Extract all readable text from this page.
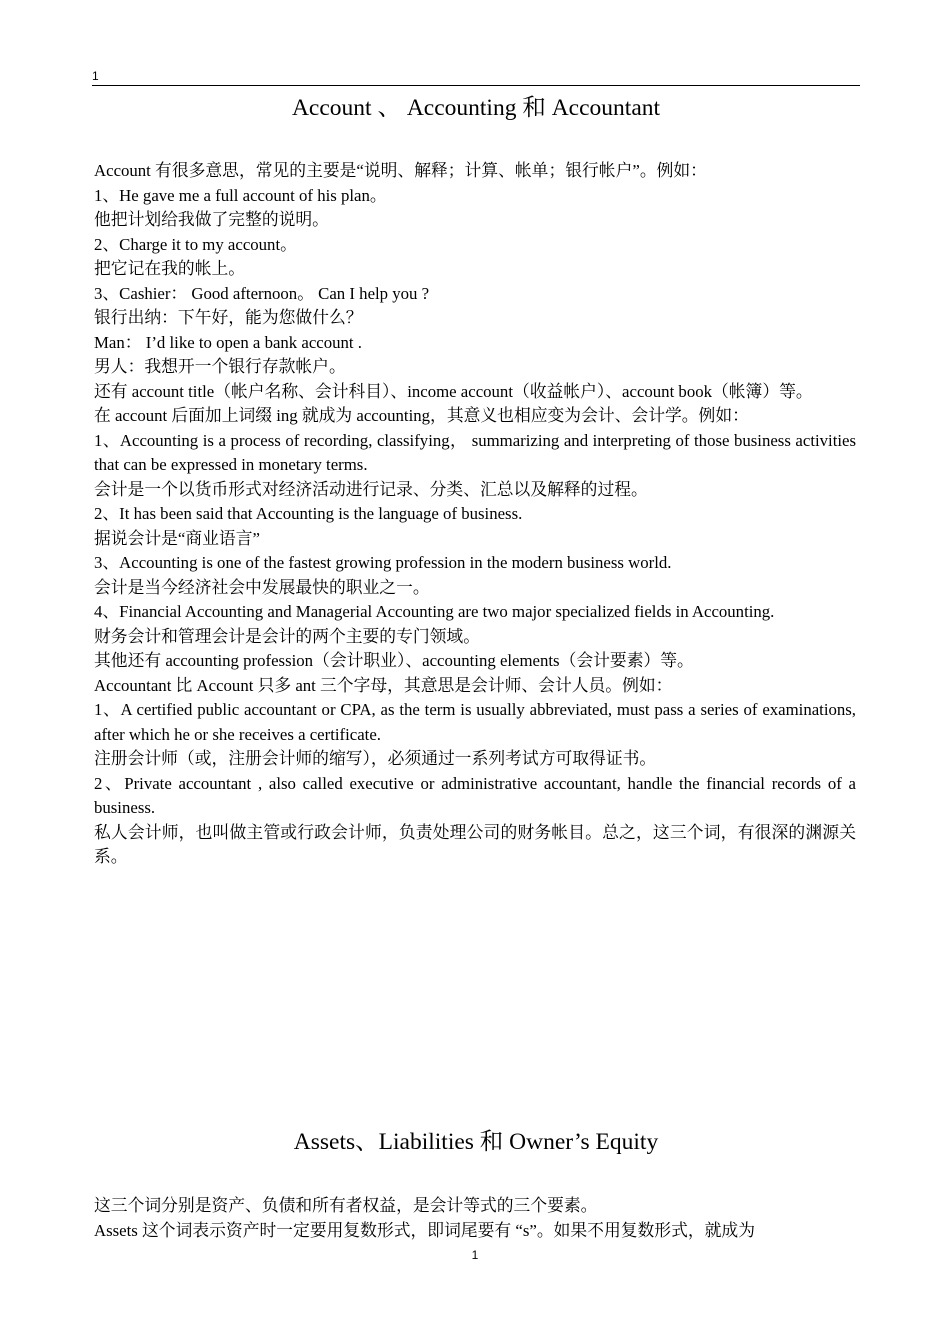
1
Account 、 Accounting 和 Accountant

Account 有很多意思，常见的主要是“说明、解释；计算、帐单；银行帐户”。例如：

1、He gave me a full account of his plan。

他把计划给我做了完整的说明。

2、Charge it to my account。

把它记在我的帐上。

3、Cashier： Good afternoon。 Can I help you ?

银行出纳：下午好，能为您做什么？

Man： I’d like to open a bank account .

男人：我想开一个银行存款帐户。

还有 account title（帐户名称、会计科目）、income account（收益帐户）、account book（帐簿）等。

在 account 后面加上词缀 ing 就成为 accounting，其意义也相应变为会计、会计学。例如：

1、Accounting is a process of recording, classifying， summarizing and interpreting of those business activities that can be expressed in monetary terms.

会计是一个以货币形式对经济活动进行记录、分类、汇总以及解释的过程。

2、It has been said that Accounting is the language of business.

据说会计是“商业语言”

3、Accounting is one of the fastest growing profession in the modern business world.

会计是当今经济社会中发展最快的职业之一。

4、Financial Accounting and Managerial Accounting are two major specialized fields in Accounting.

财务会计和管理会计是会计的两个主要的专门领域。

其他还有 accounting profession（会计职业）、accounting elements（会计要素）等。

Accountant 比 Account 只多 ant 三个字母，其意思是会计师、会计人员。例如：

1、A certified public accountant or CPA, as the term is usually abbreviated, must pass a series of examinations, after which he or she receives a certificate.

注册会计师（或，注册会计师的缩写），必须通过一系列考试方可取得证书。

2、Private accountant , also called executive or administrative accountant, handle the financial records of a business.

私人会计师，也叫做主管或行政会计师，负责处理公司的财务帐目。总之，这三个词，有很深的渊源关系。

Assets、Liabilities 和 Owner’s Equity

这三个词分别是资产、负债和所有者权益，是会计等式的三个要素。

Assets 这个词表示资产时一定要用复数形式，即词尾要有 “s”。如果不用复数形式，就成为

1
